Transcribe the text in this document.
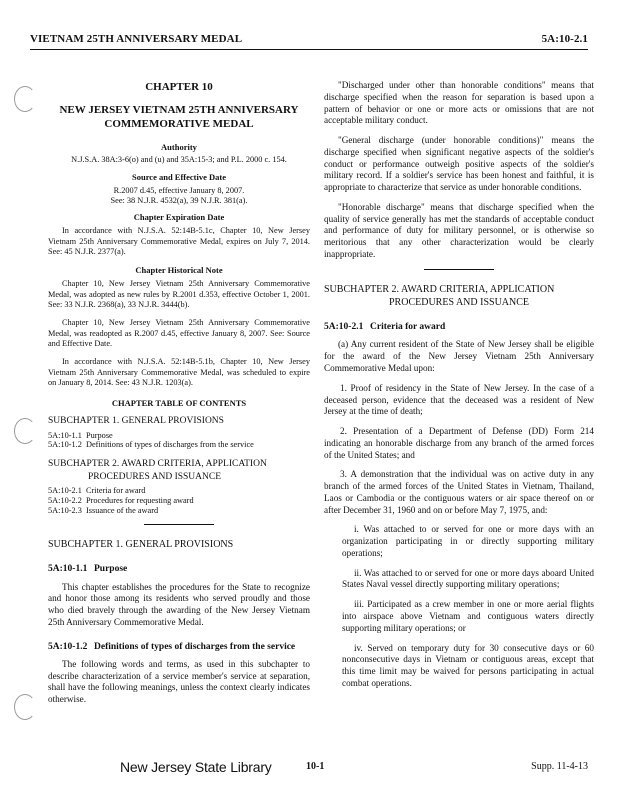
VIETNAM 25TH ANNIVERSARY MEDAL	5A:10-2.1
CHAPTER 10
NEW JERSEY VIETNAM 25TH ANNIVERSARY COMMEMORATIVE MEDAL
Authority
N.J.S.A. 38A:3-6(o) and (u) and 35A:15-3; and P.L. 2000 c. 154.
Source and Effective Date
R.2007 d.45, effective January 8, 2007.
See: 38 N.J.R. 4532(a), 39 N.J.R. 381(a).
Chapter Expiration Date

In accordance with N.J.S.A. 52:14B-5.1c, Chapter 10, New Jersey Vietnam 25th Anniversary Commemorative Medal, expires on July 7, 2014. See: 45 N.J.R. 2377(a).

Chapter Historical Note

Chapter 10, New Jersey Vietnam 25th Anniversary Commemorative Medal, was adopted as new rules by R.2001 d.353, effective October 1, 2001. See: 33 N.J.R. 2368(a), 33 N.J.R. 3444(b).

Chapter 10, New Jersey Vietnam 25th Anniversary Commemorative Medal, was readopted as R.2007 d.45, effective January 8, 2007. See: Source and Effective Date.

In accordance with N.J.S.A. 52:14B-5.1b, Chapter 10, New Jersey Vietnam 25th Anniversary Commemorative Medal, was scheduled to expire on January 8, 2014. See: 43 N.J.R. 1203(a).

CHAPTER TABLE OF CONTENTS
SUBCHAPTER 1. GENERAL PROVISIONS
5A:10-1.1 Purpose
5A:10-1.2 Definitions of types of discharges from the service
SUBCHAPTER 2. AWARD CRITERIA, APPLICATION
PROCEDURES AND ISSUANCE
5A:10-2.1 Criteria for award
5A:10-2.2 Procedures for requesting award
5A:10-2.3 Issuance of the award
SUBCHAPTER 1. GENERAL PROVISIONS
5A:10-1.1 Purpose

This chapter establishes the procedures for the State to recognize and honor those among its residents who served proudly and those who died bravely through the awarding of the New Jersey Vietnam 25th Anniversary Commemorative Medal.

5A:10-1.2 Definitions of types of discharges from the service

The following words and terms, as used in this subchapter to describe characterization of a service member's service at separation, shall have the following meanings, unless the context clearly indicates otherwise.

"Discharged under other than honorable conditions" means that discharge specified when the reason for separation is based upon a pattern of behavior or one or more acts or omissions that are not acceptable military conduct.

"General discharge (under honorable conditions)" means the discharge specified when significant negative aspects of the soldier's conduct or performance outweigh positive aspects of the soldier's military record. If a soldier's service has been honest and faithful, it is appropriate to characterize that service as under honorable conditions.

"Honorable discharge" means that discharge specified when the quality of service generally has met the standards of acceptable conduct and performance of duty for military personnel, or is otherwise so meritorious that any other characterization would be clearly inappropriate.

SUBCHAPTER 2. AWARD CRITERIA, APPLICATION
PROCEDURES AND ISSUANCE
5A:10-2.1 Criteria for award

(a) Any current resident of the State of New Jersey shall be eligible for the award of the New Jersey Vietnam 25th Anniversary Commemorative Medal upon:

1. Proof of residency in the State of New Jersey. In the case of a deceased person, evidence that the deceased was a resident of New Jersey at the time of death;

2. Presentation of a Department of Defense (DD) Form 214 indicating an honorable discharge from any branch of the armed forces of the United States; and

3. A demonstration that the individual was on active duty in any branch of the armed forces of the United States in Vietnam, Thailand, Laos or Cambodia or the contiguous waters or air space thereof on or after December 31, 1960 and on or before May 7, 1975, and:

i. Was attached to or served for one or more days with an organization participating in or directly supporting military operations;

ii. Was attached to or served for one or more days aboard United States Naval vessel directly supporting military operations;

iii. Participated as a crew member in one or more aerial flights into airspace above Vietnam and contiguous waters directly supporting military operations; or

iv. Served on temporary duty for 30 consecutive days or 60 nonconsecutive days in Vietnam or contiguous areas, except that this time limit may be waived for persons participating in actual combat operations.

New Jersey State Library	10-1	Supp. 11-4-13
